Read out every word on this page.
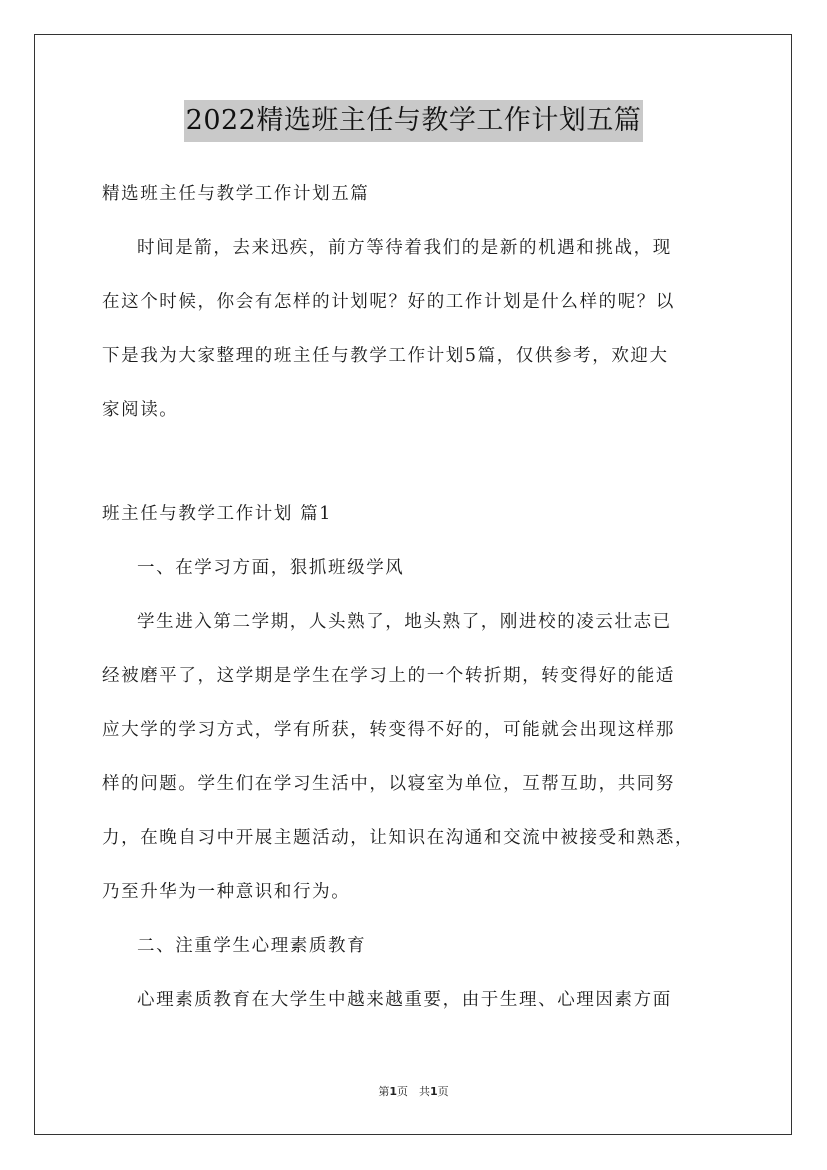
2022精选班主任与教学工作计划五篇

精选班主任与教学工作计划五篇

时间是箭，去来迅疾，前方等待着我们的是新的机遇和挑战，现

在这个时候，你会有怎样的计划呢？好的工作计划是什么样的呢？以

下是我为大家整理的班主任与教学工作计划5篇，仅供参考，欢迎大

家阅读。

班主任与教学工作计划 篇1

一、在学习方面，狠抓班级学风

学生进入第二学期，人头熟了，地头熟了，刚进校的凌云壮志已

经被磨平了，这学期是学生在学习上的一个转折期，转变得好的能适

应大学的学习方式，学有所获，转变得不好的，可能就会出现这样那

样的问题。学生们在学习生活中，以寝室为单位，互帮互助，共同努

力，在晚自习中开展主题活动，让知识在沟通和交流中被接受和熟悉，

乃至升华为一种意识和行为。

二、注重学生心理素质教育

心理素质教育在大学生中越来越重要，由于生理、心理因素方面

第1页　共1页
